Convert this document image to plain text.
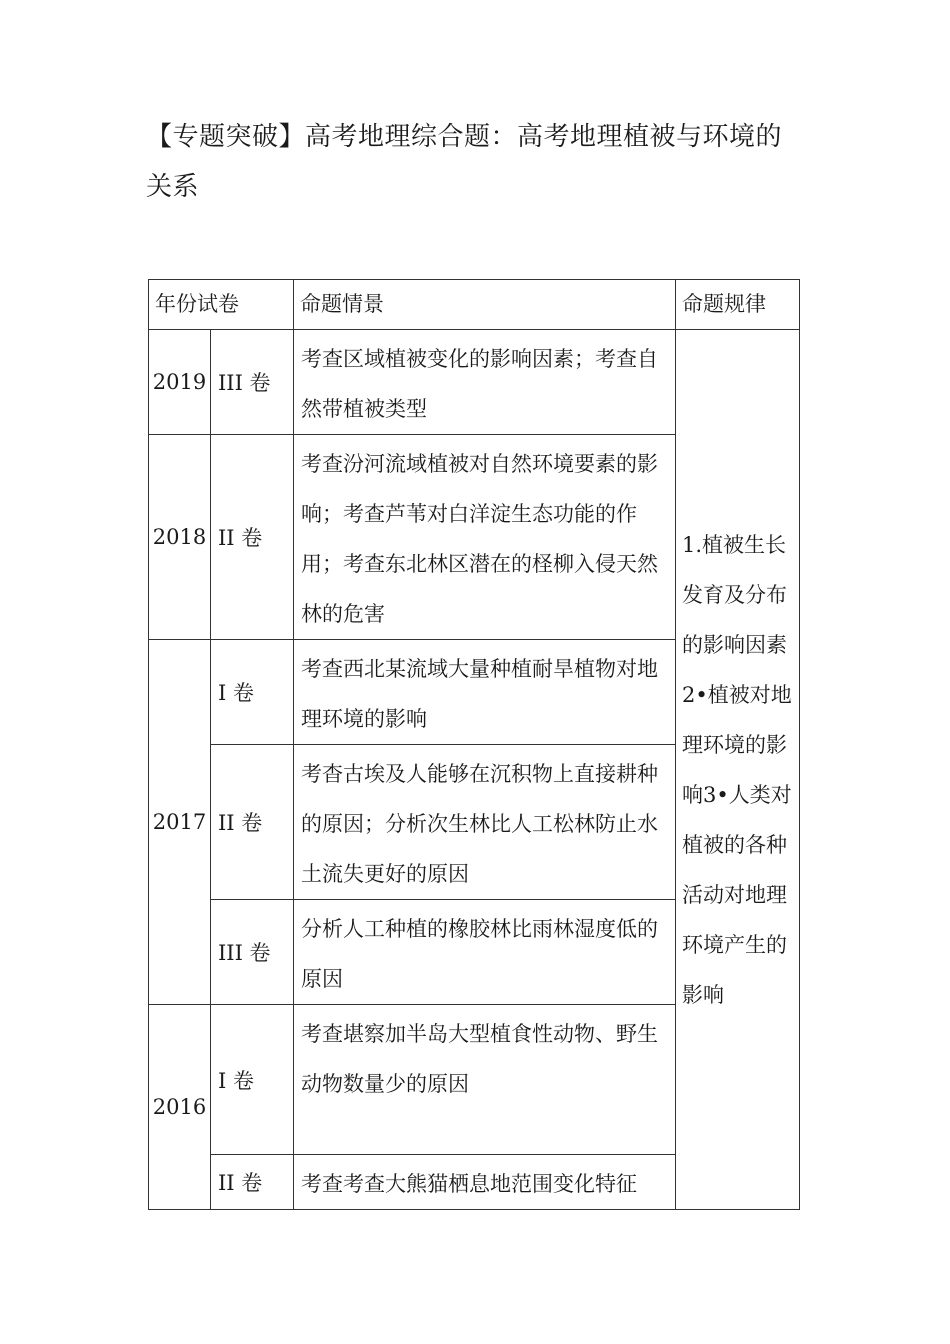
【专题突破】高考地理综合题：高考地理植被与环境的关系
年份试卷		命题情景	命题规律
2019	III 卷	考查区域植被变化的影响因素；考查自然带植被类型	1.植被生长发育及分布的影响因素2•植被对地理环境的影响3•人类对植被的各种活动对地理环境产生的影响
2018	II 卷	考查汾河流域植被对自然环境要素的影响；考查芦苇对白洋淀生态功能的作用；考查东北林区潜在的柽柳入侵天然林的危害	
2017	I 卷	考查西北某流域大量种植耐旱植物对地理环境的影响	
	II 卷	考杳古埃及人能够在沉积物上直接耕种的原因；分析次生林比人工松林防止水土流失更好的原因	
	III 卷	分析人工种植的橡胶林比雨林湿度低的原因	
2016	I 卷	考查堪察加半岛大型植食性动物、野生动物数量少的原因	
	II 卷	考查考查大熊猫栖息地范围变化特征	
